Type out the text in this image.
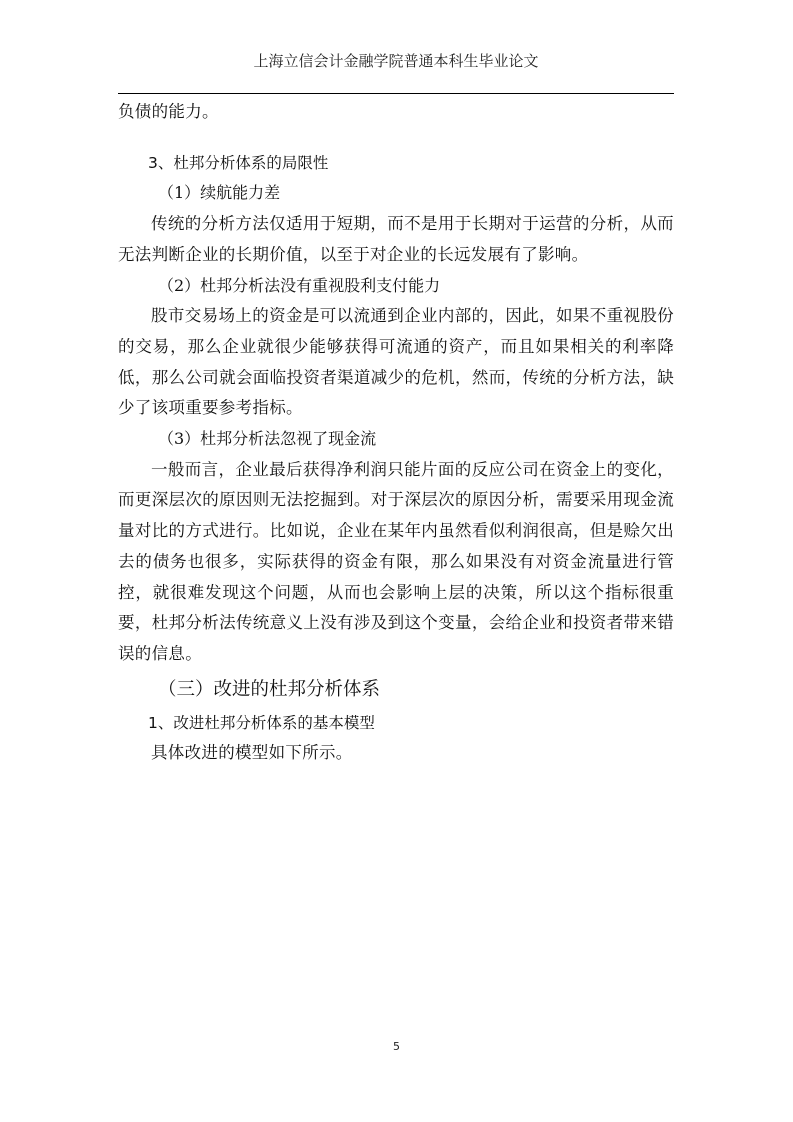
上海立信会计金融学院普通本科生毕业论文

负债的能力。

3、杜邦分析体系的局限性

（1）续航能力差

传统的分析方法仅适用于短期，而不是用于长期对于运营的分析，从而无法判断企业的长期价值，以至于对企业的长远发展有了影响。

（2）杜邦分析法没有重视股利支付能力

股市交易场上的资金是可以流通到企业内部的，因此，如果不重视股份的交易，那么企业就很少能够获得可流通的资产，而且如果相关的利率降低，那么公司就会面临投资者渠道减少的危机，然而，传统的分析方法，缺少了该项重要参考指标。

（3）杜邦分析法忽视了现金流

一般而言，企业最后获得净利润只能片面的反应公司在资金上的变化，而更深层次的原因则无法挖掘到。对于深层次的原因分析，需要采用现金流量对比的方式进行。比如说，企业在某年内虽然看似利润很高，但是赊欠出去的债务也很多，实际获得的资金有限，那么如果没有对资金流量进行管控，就很难发现这个问题，从而也会影响上层的决策，所以这个指标很重要，杜邦分析法传统意义上没有涉及到这个变量，会给企业和投资者带来错误的信息。

（三）改进的杜邦分析体系

1、改进杜邦分析体系的基本模型

具体改进的模型如下所示。

5
